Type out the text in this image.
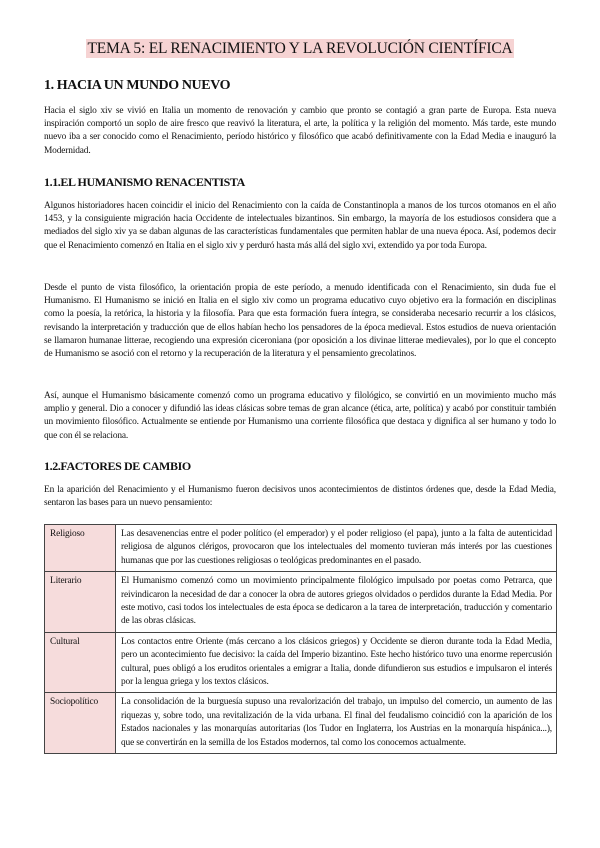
TEMA 5: EL RENACIMIENTO Y LA REVOLUCIÓN CIENTÍFICA
1. HACIA UN MUNDO NUEVO

Hacia el siglo xiv se vivió en Italia un momento de renovación y cambio que pronto se contagió a gran parte de Europa. Esta nueva inspiración comportó un soplo de aire fresco que reavivó la literatura, el arte, la política y la religión del momento. Más tarde, este mundo nuevo iba a ser conocido como el Renacimiento, período histórico y filosófico que acabó definitivamente con la Edad Media e inauguró la Modernidad.

1.1.EL HUMANISMO RENACENTISTA

Algunos historiadores hacen coincidir el inicio del Renacimiento con la caída de Constantinopla a manos de los turcos otomanos en el año 1453, y la consiguiente migración hacia Occidente de intelectuales bizantinos. Sin embargo, la mayoría de los estudiosos considera que a mediados del siglo xiv ya se daban algunas de las características fundamentales que permiten hablar de una nueva época. Así, podemos decir que el Renacimiento comenzó en Italia en el siglo xiv y perduró hasta más allá del siglo xvi, extendido ya por toda Europa.

Desde el punto de vista filosófico, la orientación propia de este período, a menudo identificada con el Renacimiento, sin duda fue el Humanismo. El Humanismo se inició en Italia en el siglo xiv como un programa educativo cuyo objetivo era la formación en disciplinas como la poesía, la retórica, la historia y la filosofía. Para que esta formación fuera íntegra, se consideraba necesario recurrir a los clásicos, revisando la interpretación y traducción que de ellos habían hecho los pensadores de la época medieval. Estos estudios de nueva orientación se llamaron humanae litterae, recogiendo una expresión ciceroniana (por oposición a los divinae litterae medievales), por lo que el concepto de Humanismo se asoció con el retorno y la recuperación de la literatura y el pensamiento grecolatinos.

Así, aunque el Humanismo básicamente comenzó como un programa educativo y filológico, se convirtió en un movimiento mucho más amplio y general. Dio a conocer y difundió las ideas clásicas sobre temas de gran alcance (ética, arte, política) y acabó por constituir también un movimiento filosófico. Actualmente se entiende por Humanismo una corriente filosófica que destaca y dignifica al ser humano y todo lo que con él se relaciona.

1.2.FACTORES DE CAMBIO

En la aparición del Renacimiento y el Humanismo fueron decisivos unos acontecimientos de distintos órdenes que, desde la Edad Media, sentaron las bases para un nuevo pensamiento:

Religioso	Las desavenencias entre el poder político (el emperador) y el poder religioso (el papa), junto a la falta de autenticidad religiosa de algunos clérigos, provocaron que los intelectuales del momento tuvieran más interés por las cuestiones humanas que por las cuestiones religiosas o teológicas predominantes en el pasado.
Literario	El Humanismo comenzó como un movimiento principalmente filológico impulsado por poetas como Petrarca, que reivindicaron la necesidad de dar a conocer la obra de autores griegos olvidados o perdidos durante la Edad Media. Por este motivo, casi todos los intelectuales de esta época se dedicaron a la tarea de interpretación, traducción y comentario de las obras clásicas.
Cultural	Los contactos entre Oriente (más cercano a los clásicos griegos) y Occidente se dieron durante toda la Edad Media, pero un acontecimiento fue decisivo: la caída del Imperio bizantino. Este hecho histórico tuvo una enorme repercusión cultural, pues obligó a los eruditos orientales a emigrar a Italia, donde difundieron sus estudios e impulsaron el interés por la lengua griega y los textos clásicos.
Sociopolítico	La consolidación de la burguesía supuso una revalorización del trabajo, un impulso del comercio, un aumento de las riquezas y, sobre todo, una revitalización de la vida urbana. El final del feudalismo coincidió con la aparición de los Estados nacionales y las monarquías autoritarias (los Tudor en Inglaterra, los Austrias en la monarquía hispánica...), que se convertirán en la semilla de los Estados modernos, tal como los conocemos actualmente.
